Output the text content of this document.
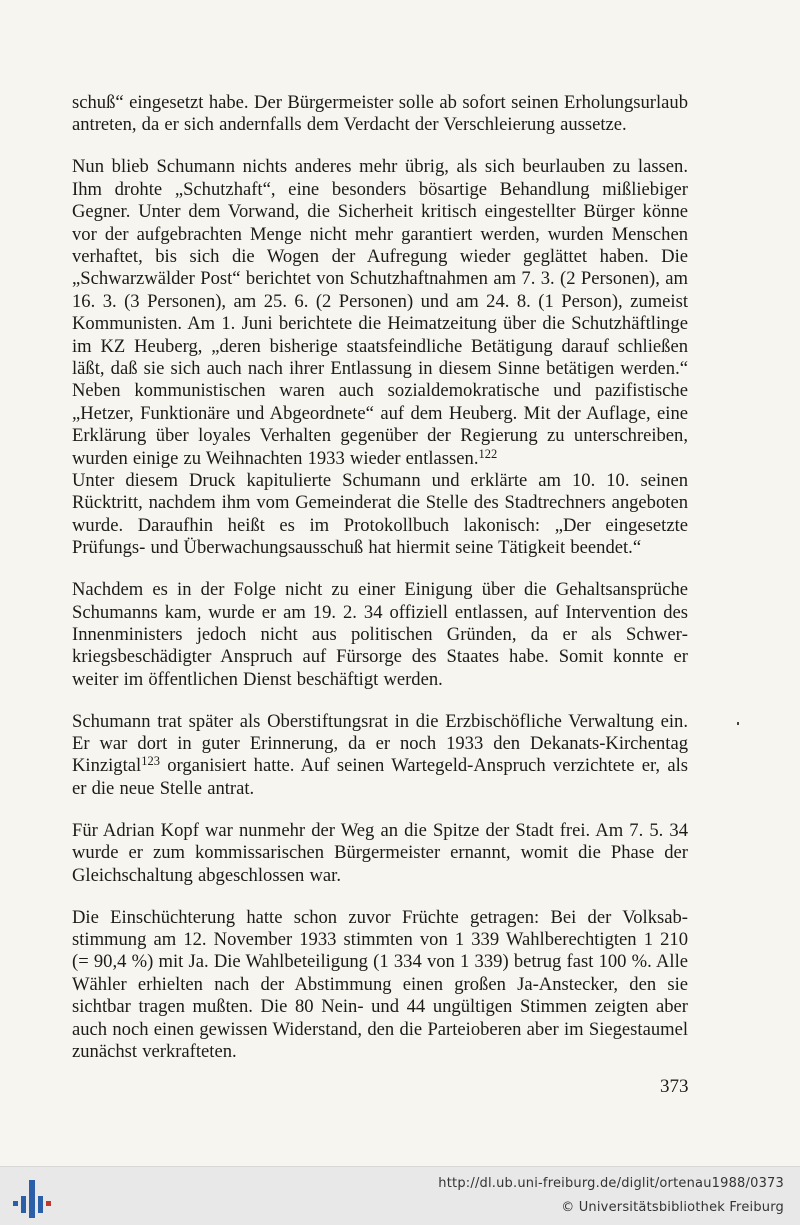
schuß“ eingesetzt habe. Der Bürgermeister solle ab sofort seinen Erholungsurlaub antreten, da er sich andernfalls dem Verdacht der Verschleierung aussetze.

Nun blieb Schumann nichts anderes mehr übrig, als sich beurlauben zu lassen. Ihm drohte „Schutzhaft“, eine besonders bösartige Behandlung mißliebiger Gegner. Unter dem Vorwand, die Sicherheit kritisch eingestellter Bürger könne vor der aufgebrachten Menge nicht mehr garantiert werden, wurden Menschen verhaftet, bis sich die Wogen der Aufregung wieder geglättet haben. Die „Schwarzwälder Post“ berichtet von Schutzhaftnahmen am 7. 3. (2 Personen), am 16. 3. (3 Personen), am 25. 6. (2 Personen) und am 24. 8. (1 Person), zumeist Kommunisten. Am 1. Juni berichtete die Heimatzeitung über die Schutzhäftlinge im KZ Heuberg, „deren bisherige staatsfeindliche Betätigung darauf schließen läßt, daß sie sich auch nach ihrer Entlassung in diesem Sinne betätigen werden.“ Neben kommunistischen waren auch sozialdemokratische und pazifistische „Hetzer, Funktionäre und Abgeordnete“ auf dem Heuberg. Mit der Auflage, eine Erklärung über loyales Verhalten gegenüber der Regierung zu unterschreiben, wurden einige zu Weihnachten 1933 wieder entlassen.$^{122}$

Unter diesem Druck kapitulierte Schumann und erklärte am 10. 10. seinen Rücktritt, nachdem ihm vom Gemeinderat die Stelle des Stadtrechners angeboten wurde. Daraufhin heißt es im Protokollbuch lakonisch: „Der eingesetzte Prüfungs- und Überwachungsausschuß hat hiermit seine Tätigkeit beendet.“

Nachdem es in der Folge nicht zu einer Einigung über die Gehaltsansprüche Schumanns kam, wurde er am 19. 2. 34 offiziell entlassen, auf Intervention des Innenministers jedoch nicht aus politischen Gründen, da er als Schwerkriegsbeschädigter Anspruch auf Fürsorge des Staates habe. Somit konnte er weiter im öffentlichen Dienst beschäftigt werden.

Schumann trat später als Oberstiftungsrat in die Erzbischöfliche Verwaltung ein. Er war dort in guter Erinnerung, da er noch 1933 den Dekanats-Kirchentag Kinzigtal$^{123}$ organisiert hatte. Auf seinen Wartegeld-Anspruch verzichtete er, als er die neue Stelle antrat.

Für Adrian Kopf war nunmehr der Weg an die Spitze der Stadt frei. Am 7. 5. 34 wurde er zum kommissarischen Bürgermeister ernannt, womit die Phase der Gleichschaltung abgeschlossen war.

Die Einschüchterung hatte schon zuvor Früchte getragen: Bei der Volksabstimmung am 12. November 1933 stimmten von 1 339 Wahlberechtigten 1 210 (= 90,4 %) mit Ja. Die Wahlbeteiligung (1 334 von 1 339) betrug fast 100 %. Alle Wähler erhielten nach der Abstimmung einen großen Ja-Anstecker, den sie sichtbar tragen mußten. Die 80 Nein- und 44 ungültigen Stimmen zeigten aber auch noch einen gewissen Widerstand, den die Parteioberen aber im Siegestaumel zunächst verkrafteten.

373
http://dl.ub.uni-freiburg.de/diglit/ortenau1988/0373
© Universitätsbibliothek Freiburg
